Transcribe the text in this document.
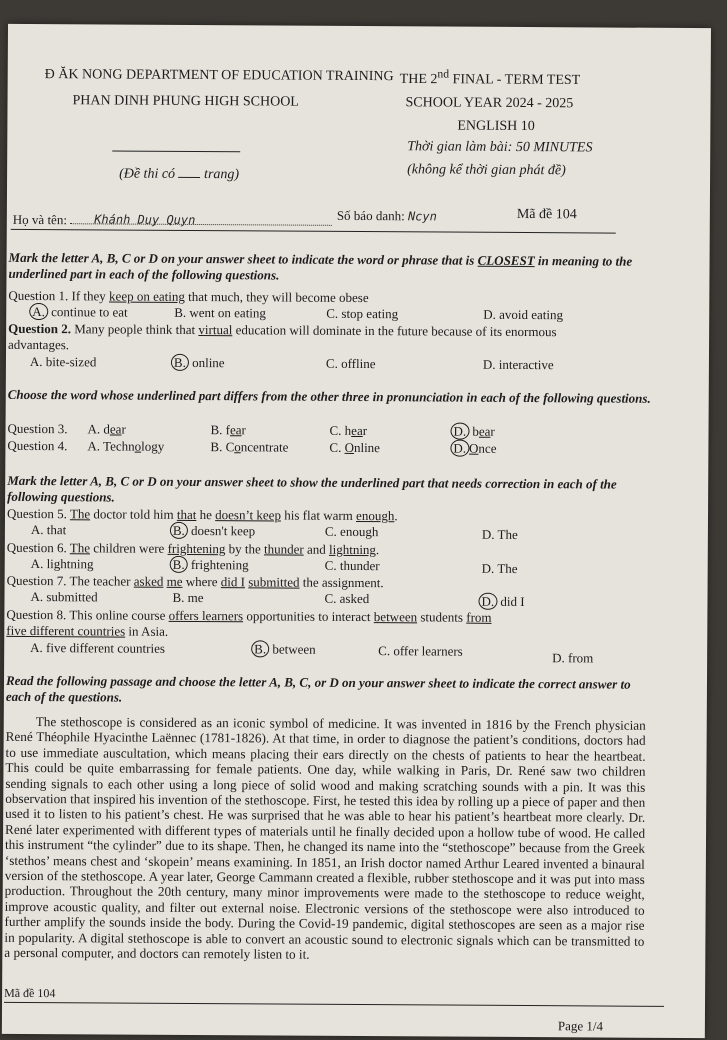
Đ ĂK NONG DEPARTMENT OF EDUCATION TRAINING
PHAN DINH PHUNG HIGH SCHOOL
THE 2nd FINAL - TERM TEST
SCHOOL YEAR 2024 - 2025
ENGLISH 10
Thời gian làm bài: 50 MINUTES
(không kể thời gian phát đề)
(Đề thi có  trang)
Họ và tên: Khánh Duy Quyn	Số báo danh: Ncyn	Mã đề 104
Mark the letter A, B, C or D on your answer sheet to indicate the word or phrase that is CLOSEST in meaning to the underlined part in each of the following questions.
Question 1. If they keep on eating that much, they will become obese
A. continue to eat	B. went on eating	C. stop eating	D. avoid eating
Question 2. Many people think that virtual education will dominate in the future because of its enormous
advantages.
A. bite-sized	B. online	C. offline	D. interactive
Choose the word whose underlined part differs from the other three in pronunciation in each of the following questions.
Question 3. A. dear	B. fear	C. hear	D. bear
Question 4. A. Technology	B. Concentrate	C. Online	D. Once
Mark the letter A, B, C or D on your answer sheet to show the underlined part that needs correction in each of the following questions.
Question 5. The doctor told him that he doesn’t keep his flat warm enough.
A. that	B. doesn't keep	C. enough	D. The
Question 6. The children were frightening by the thunder and lightning.
A. lightning	B. frightening	C. thunder	D. The
Question 7. The teacher asked me where did I submitted the assignment.
A. submitted	B. me	C. asked	D. did I
Question 8. This online course offers learners opportunities to interact between students from
five different countries in Asia.
A. five different countries	B. between	C. offer learners	D. from
Read the following passage and choose the letter A, B, C, or D on your answer sheet to indicate the correct answer to each of the questions.

The stethoscope is considered as an iconic symbol of medicine. It was invented in 1816 by the French physician René Théophile Hyacinthe Laënnec (1781-1826). At that time, in order to diagnose the patient’s conditions, doctors had to use immediate auscultation, which means placing their ears directly on the chests of patients to hear the heartbeat. This could be quite embarrassing for female patients. One day, while walking in Paris, Dr. René saw two children sending signals to each other using a long piece of solid wood and making scratching sounds with a pin. It was this observation that inspired his invention of the stethoscope. First, he tested this idea by rolling up a piece of paper and then used it to listen to his patient’s chest. He was surprised that he was able to hear his patient’s heartbeat more clearly. Dr. René later experimented with different types of materials until he finally decided upon a hollow tube of wood. He called this instrument “the cylinder” due to its shape. Then, he changed its name into the “stethoscope” because from the Greek ‘stethos’ means chest and ‘skopein’ means examining. In 1851, an Irish doctor named Arthur Leared invented a binaural version of the stethoscope. A year later, George Cammann created a flexible, rubber stethoscope and it was put into mass production. Throughout the 20th century, many minor improvements were made to the stethoscope to reduce weight, improve acoustic quality, and filter out external noise. Electronic versions of the stethoscope were also introduced to further amplify the sounds inside the body. During the Covid-19 pandemic, digital stethoscopes are seen as a major rise in popularity. A digital stethoscope is able to convert an acoustic sound to electronic signals which can be transmitted to a personal computer, and doctors can remotely listen to it.

Mã đề 104
Page 1/4
